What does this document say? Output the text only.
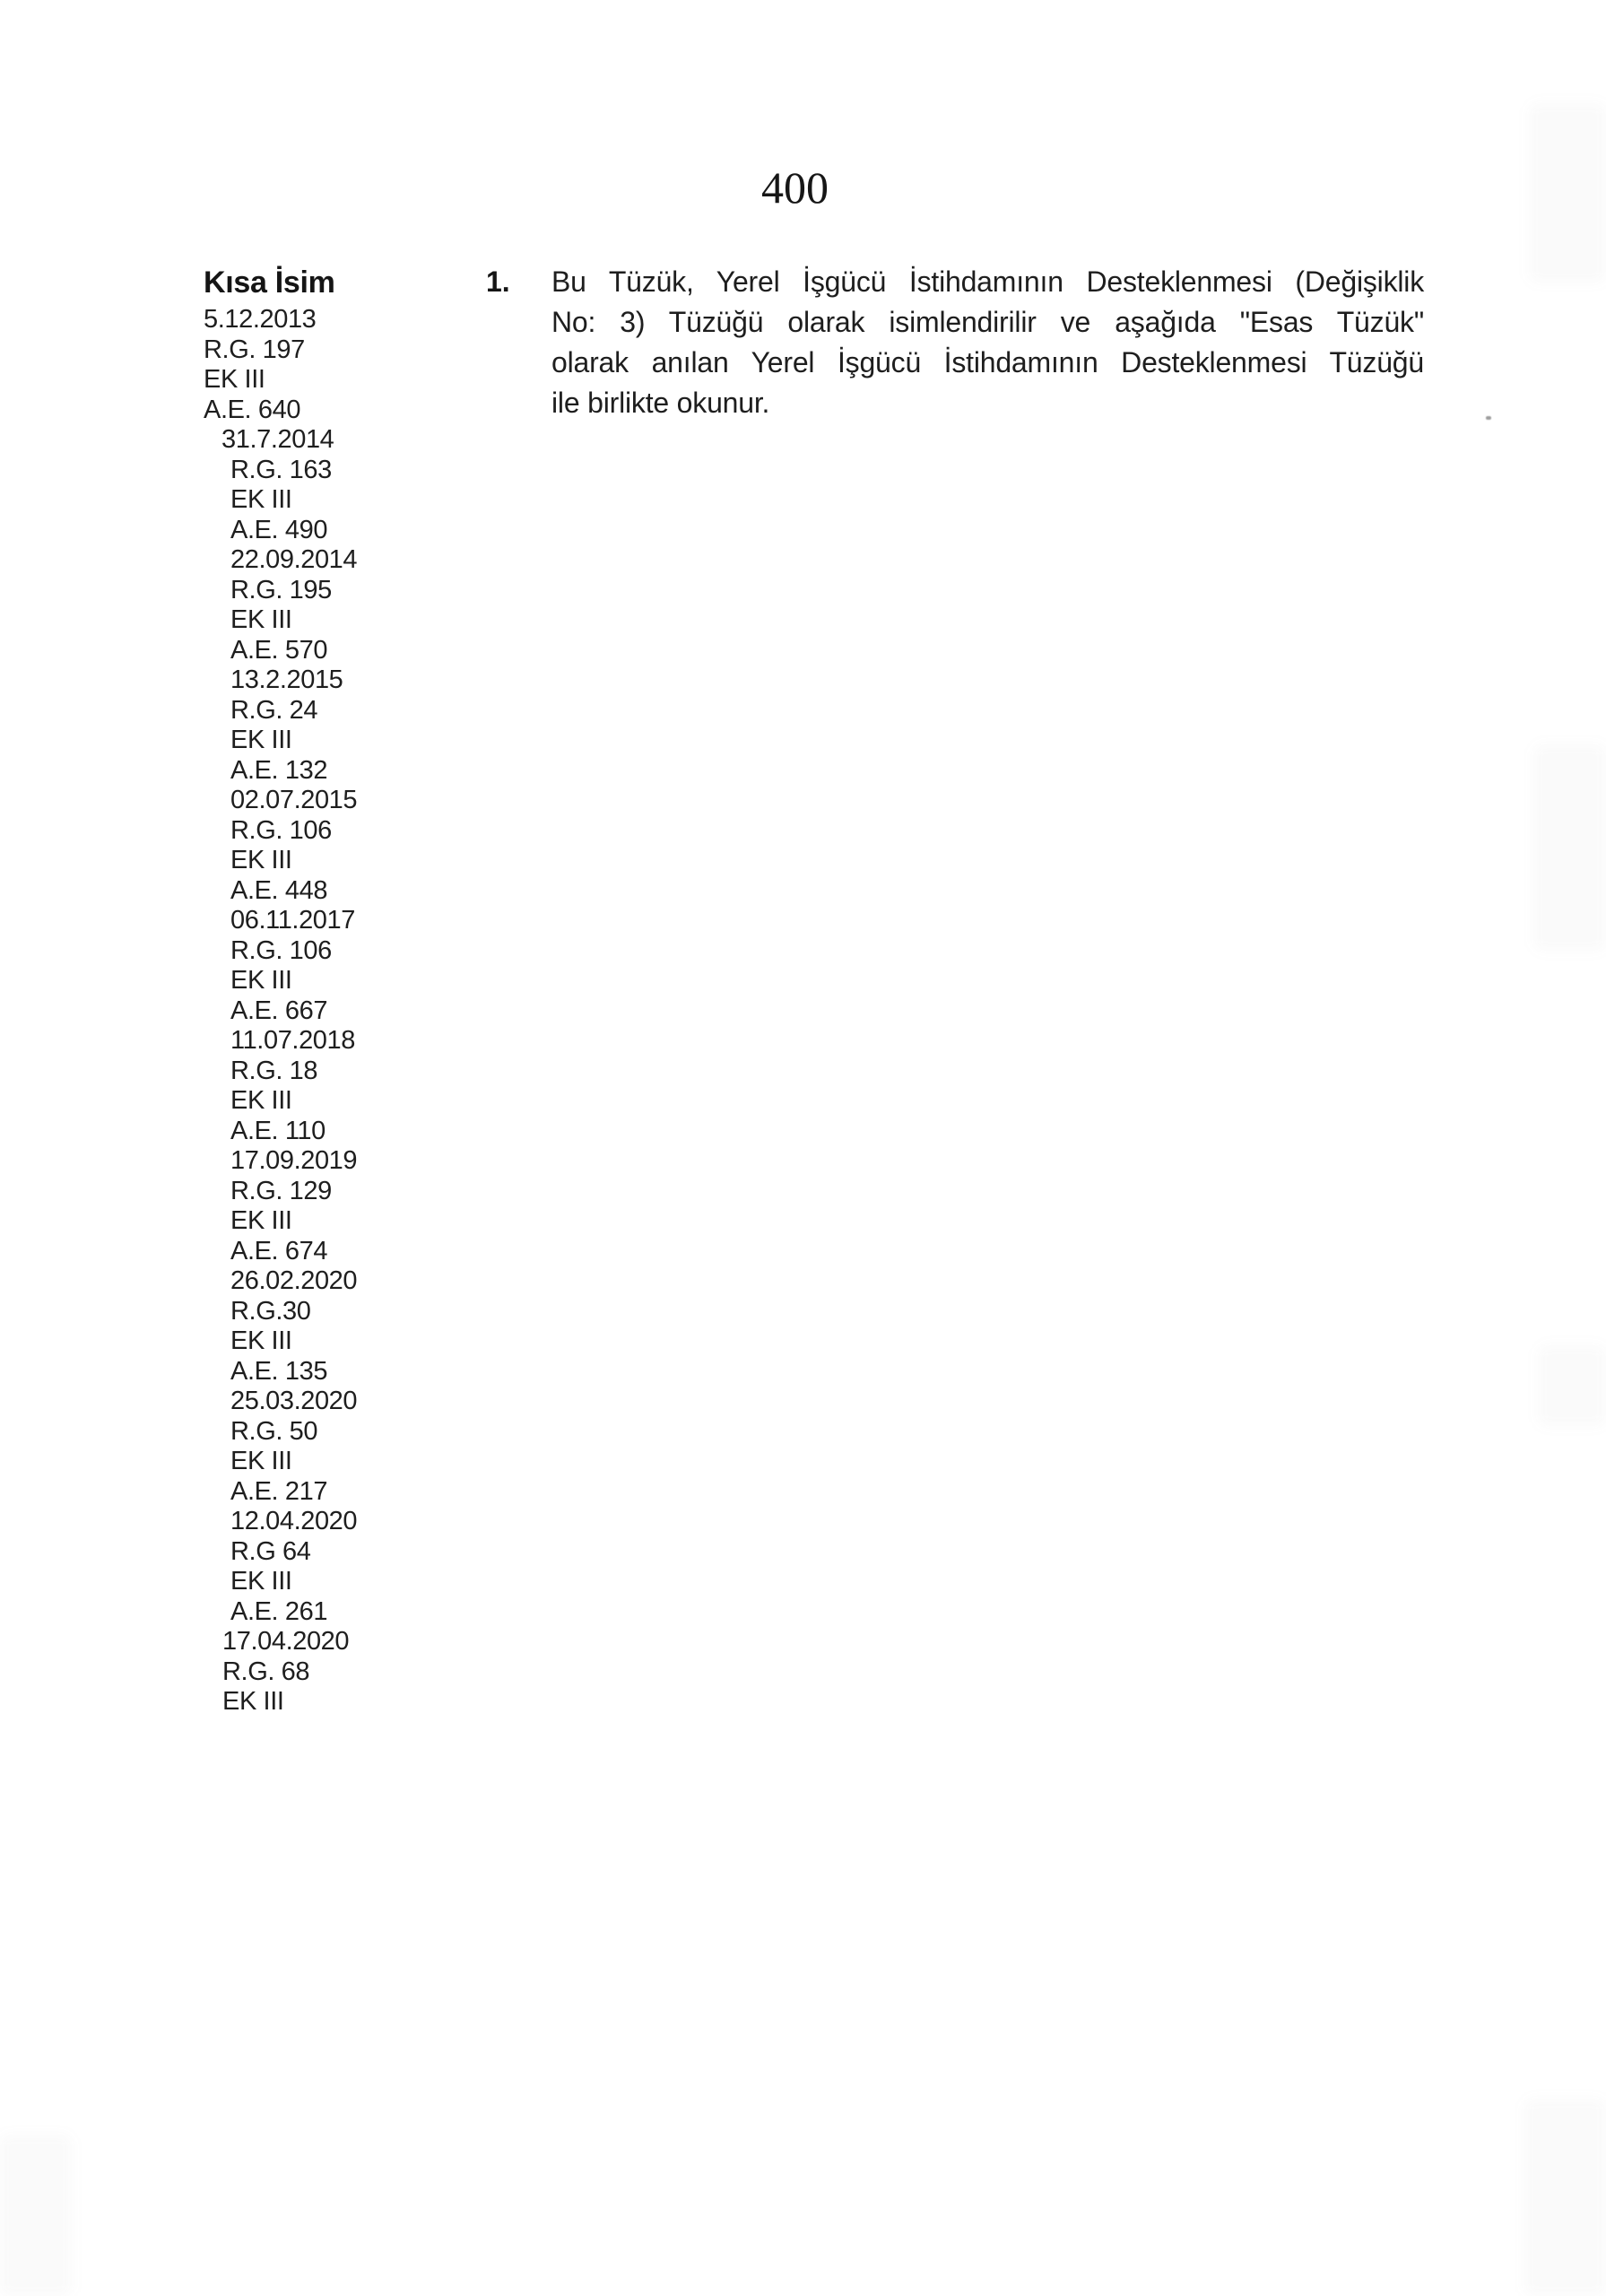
400
Kısa İsim
5.12.2013
R.G. 197
EK III
A.E. 640
31.7.2014
R.G. 163
EK III
A.E. 490
22.09.2014
R.G. 195
EK III
A.E. 570
13.2.2015
R.G. 24
EK III
A.E. 132
02.07.2015
R.G. 106
EK III
A.E. 448
06.11.2017
R.G. 106
EK III
A.E. 667
11.07.2018
R.G. 18
EK III
A.E. 110
17.09.2019
R.G. 129
EK III
A.E. 674
26.02.2020
R.G.30
EK III
A.E. 135
25.03.2020
R.G. 50
EK III
A.E. 217
12.04.2020
R.G 64
EK III
A.E. 261
17.04.2020
R.G. 68
EK III
1. Bu Tüzük, Yerel İşgücü İstihdamının Desteklenmesi (Değişiklik
No: 3) Tüzüğü olarak isimlendirilir ve aşağıda "Esas Tüzük"
olarak anılan Yerel İşgücü İstihdamının Desteklenmesi Tüzüğü
ile birlikte okunur.
